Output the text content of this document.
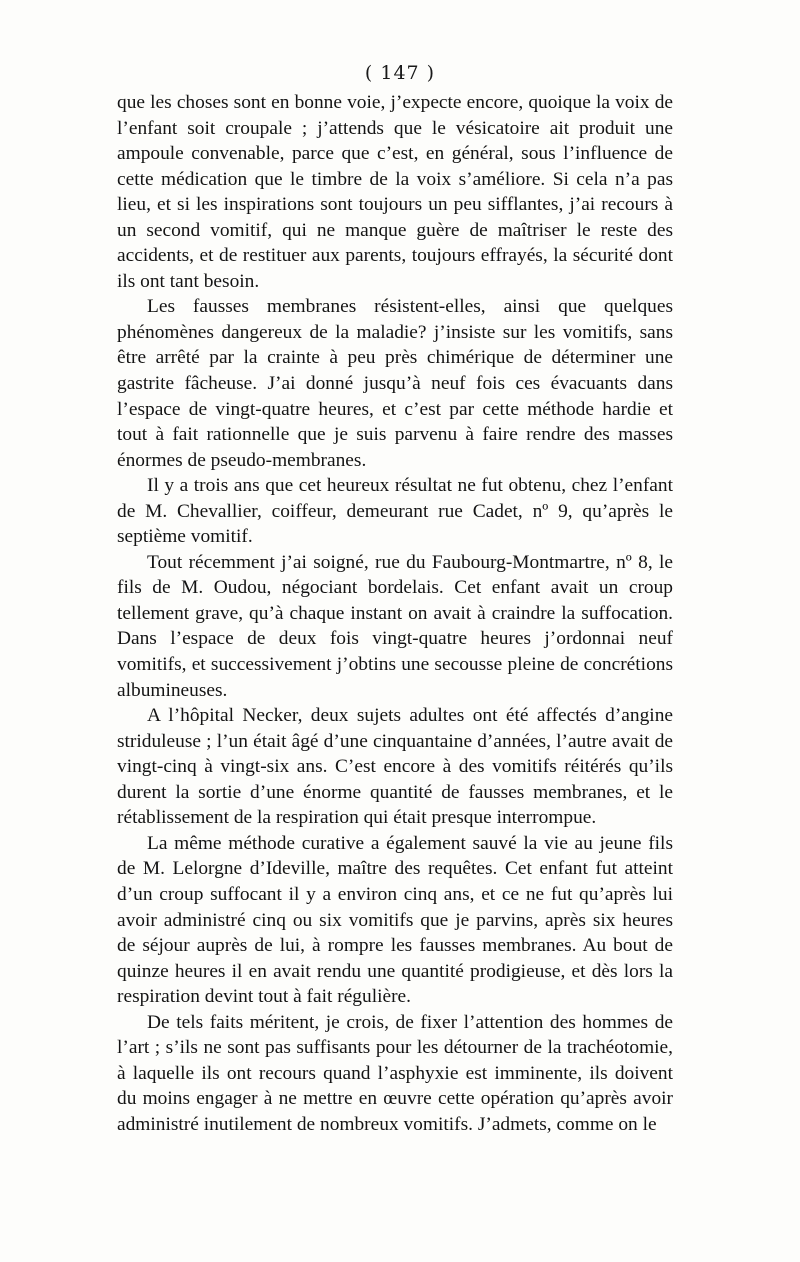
( 147 )

que les choses sont en bonne voie, j’expecte encore, quoique la voix de l’enfant soit croupale ; j’attends que le vésicatoire ait produit une ampoule convenable, parce que c’est, en général, sous l’influence de cette médication que le timbre de la voix s’améliore. Si cela n’a pas lieu, et si les inspirations sont toujours un peu sifflantes, j’ai recours à un second vomitif, qui ne manque guère de maîtriser le reste des accidents, et de restituer aux parents, toujours effrayés, la sécurité dont ils ont tant besoin.

Les fausses membranes résistent-elles, ainsi que quelques phénomènes dangereux de la maladie? j’insiste sur les vomitifs, sans être arrêté par la crainte à peu près chimérique de déterminer une gastrite fâcheuse. J’ai donné jusqu’à neuf fois ces évacuants dans l’espace de vingt-quatre heures, et c’est par cette méthode hardie et tout à fait rationnelle que je suis parvenu à faire rendre des masses énormes de pseudo-membranes.

Il y a trois ans que cet heureux résultat ne fut obtenu, chez l’enfant de M. Chevallier, coiffeur, demeurant rue Cadet, nº 9, qu’après le septième vomitif.

Tout récemment j’ai soigné, rue du Faubourg-Montmartre, nº 8, le fils de M. Oudou, négociant bordelais. Cet enfant avait un croup tellement grave, qu’à chaque instant on avait à craindre la suffocation. Dans l’espace de deux fois vingt-quatre heures j’ordonnai neuf vomitifs, et successivement j’obtins une secousse pleine de concrétions albumineuses.

A l’hôpital Necker, deux sujets adultes ont été affectés d’angine striduleuse ; l’un était âgé d’une cinquantaine d’années, l’autre avait de vingt-cinq à vingt-six ans. C’est encore à des vomitifs réitérés qu’ils durent la sortie d’une énorme quantité de fausses membranes, et le rétablissement de la respiration qui était presque interrompue.

La même méthode curative a également sauvé la vie au jeune fils de M. Lelorgne d’Ideville, maître des requêtes. Cet enfant fut atteint d’un croup suffocant il y a environ cinq ans, et ce ne fut qu’après lui avoir administré cinq ou six vomitifs que je parvins, après six heures de séjour auprès de lui, à rompre les fausses membranes. Au bout de quinze heures il en avait rendu une quantité prodigieuse, et dès lors la respiration devint tout à fait régulière.

De tels faits méritent, je crois, de fixer l’attention des hommes de l’art ; s’ils ne sont pas suffisants pour les détourner de la trachéotomie, à laquelle ils ont recours quand l’asphyxie est imminente, ils doivent du moins engager à ne mettre en œuvre cette opération qu’après avoir administré inutilement de nombreux vomitifs. J’admets, comme on le
